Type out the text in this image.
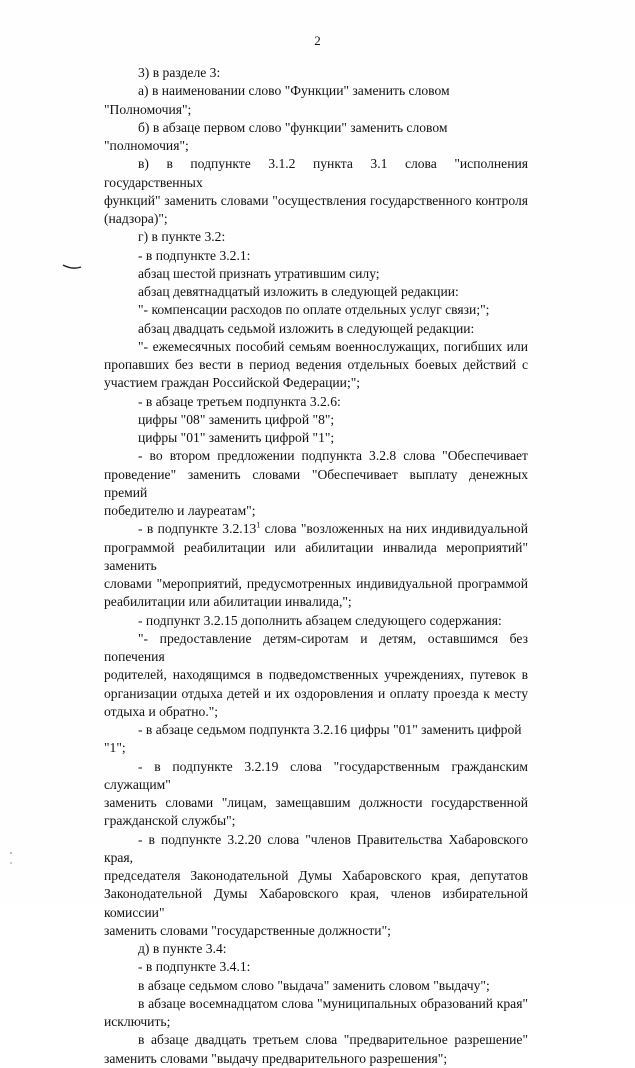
2

3) в разделе 3:

а) в наименовании слово "Функции" заменить словом "Полномочия";

б) в абзаце первом слово "функции" заменить словом "полномочия";

в) в подпункте 3.1.2 пункта 3.1 слова "исполнения государственных

функций" заменить словами "осуществления государственного контроля

(надзора)";

г) в пункте 3.2:

- в подпункте 3.2.1:

абзац шестой признать утратившим силу;

абзац девятнадцатый изложить в следующей редакции:

"- компенсации расходов по оплате отдельных услуг связи;";

абзац двадцать седьмой изложить в следующей редакции:

"- ежемесячных пособий семьям военнослужащих, погибших или

пропавших без вести в период ведения отдельных боевых действий с

участием граждан Российской Федерации;";

- в абзаце третьем подпункта 3.2.6:

цифры "08" заменить цифрой "8";

цифры "01" заменить цифрой "1";

- во втором предложении подпункта 3.2.8 слова "Обеспечивает

проведение" заменить словами "Обеспечивает выплату денежных премий

победителю и лауреатам";

- в подпункте 3.2.13$^1$ слова "возложенных на них индивидуальной

программой реабилитации или абилитации инвалида мероприятий" заменить

словами "мероприятий, предусмотренных индивидуальной программой

реабилитации или абилитации инвалида,";

- подпункт 3.2.15 дополнить абзацем следующего содержания:

"- предоставление детям-сиротам и детям, оставшимся без попечения

родителей, находящимся в подведомственных учреждениях, путевок в

организации отдыха детей и их оздоровления и оплату проезда к месту

отдыха и обратно.";

- в абзаце седьмом подпункта 3.2.16 цифры "01" заменить цифрой "1";

- в подпункте 3.2.19 слова "государственным гражданским служащим"

заменить словами "лицам, замещавшим должности государственной

гражданской службы";

- в подпункте 3.2.20 слова "членов Правительства Хабаровского края,

председателя Законодательной Думы Хабаровского края, депутатов

Законодательной Думы Хабаровского края, членов избирательной комиссии"

заменить словами "государственные должности";

д) в пункте 3.4:

- в подпункте 3.4.1:

в абзаце седьмом слово "выдача" заменить словом "выдачу";

в абзаце восемнадцатом слова "муниципальных образований края"

исключить;

в абзаце двадцать третьем слова "предварительное разрешение"

заменить словами "выдачу предварительного разрешения";
